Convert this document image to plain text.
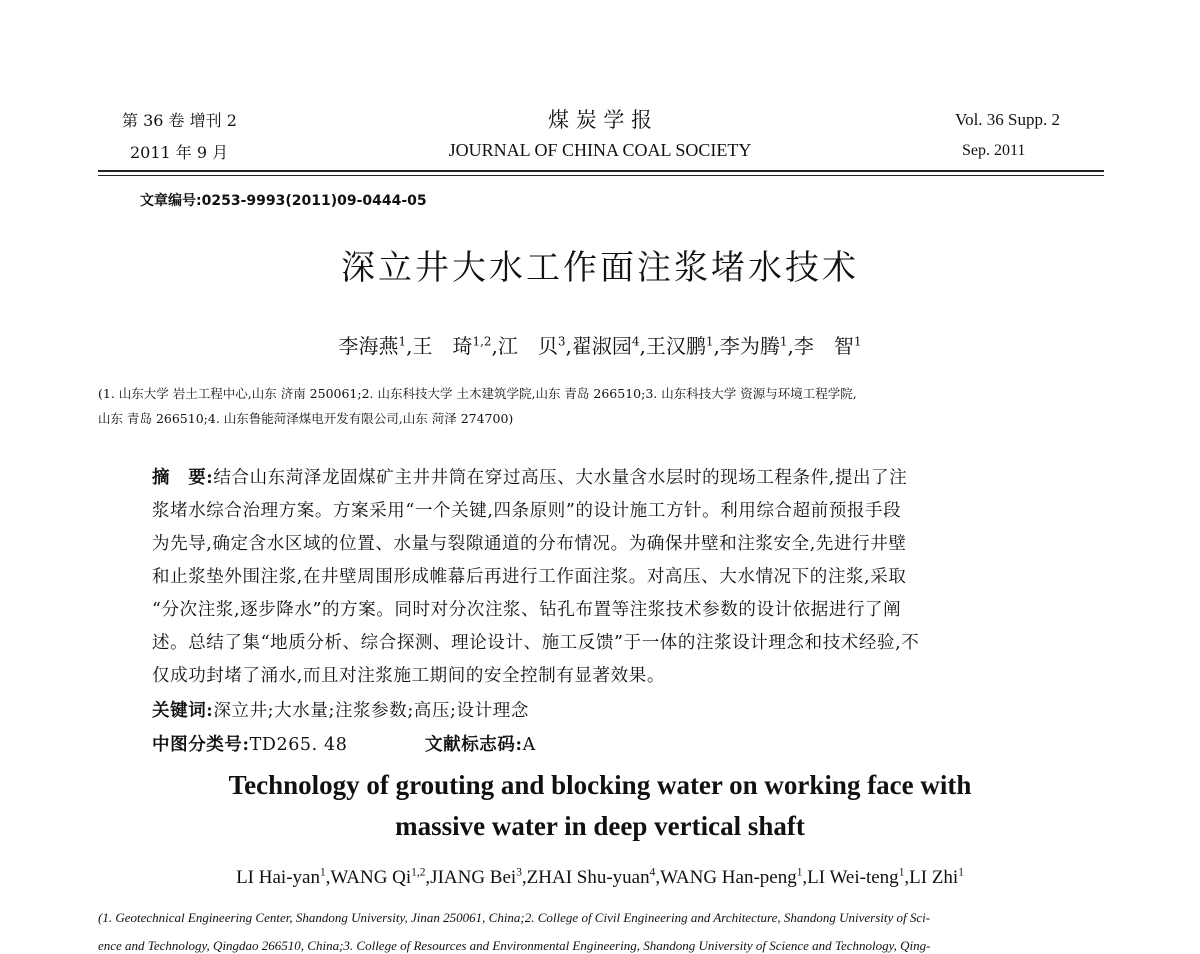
第 36 卷 增刊 2
2011 年 9 月
煤 炭 学 报
JOURNAL OF CHINA COAL SOCIETY
Vol. 36 Supp. 2
Sep. 2011
文章编号:0253-9993(2011)09-0444-05
深立井大水工作面注浆堵水技术
李海燕$^1$,王　琦$^{1,2}$,江　贝$^3$,翟淑园$^4$,王汉鹏$^1$,李为腾$^1$,李　智$^1$
(1. 山东大学 岩土工程中心,山东 济南 250061;2. 山东科技大学 土木建筑学院,山东 青岛 266510;3. 山东科技大学 资源与环境工程学院,
山东 青岛 266510;4. 山东鲁能菏泽煤电开发有限公司,山东 菏泽 274700)
摘　要:结合山东菏泽龙固煤矿主井井筒在穿过高压、大水量含水层时的现场工程条件,提出了注
浆堵水综合治理方案。方案采用“一个关键,四条原则”的设计施工方针。利用综合超前预报手段
为先导,确定含水区域的位置、水量与裂隙通道的分布情况。为确保井壁和注浆安全,先进行井壁
和止浆垫外围注浆,在井壁周围形成帷幕后再进行工作面注浆。对高压、大水情况下的注浆,采取
“分次注浆,逐步降水”的方案。同时对分次注浆、钻孔布置等注浆技术参数的设计依据进行了阐
述。总结了集“地质分析、综合探测、理论设计、施工反馈”于一体的注浆设计理念和技术经验,不
仅成功封堵了涌水,而且对注浆施工期间的安全控制有显著效果。
关键词:深立井;大水量;注浆参数;高压;设计理念
中图分类号:TD265. 48	文献标志码:A
Technology of grouting and blocking water on working face with
massive water in deep vertical shaft
LI Hai-yan$^1$,WANG Qi$^{1,2}$,JIANG Bei$^3$,ZHAI Shu-yuan$^4$,WANG Han-peng$^1$,LI Wei-teng$^1$,LI Zhi$^1$
(1. Geotechnical Engineering Center, Shandong University, Jinan 250061, China;2. College of Civil Engineering and Architecture, Shandong University of Sci-
ence and Technology, Qingdao 266510, China;3. College of Resources and Environmental Engineering, Shandong University of Science and Technology, Qing-
